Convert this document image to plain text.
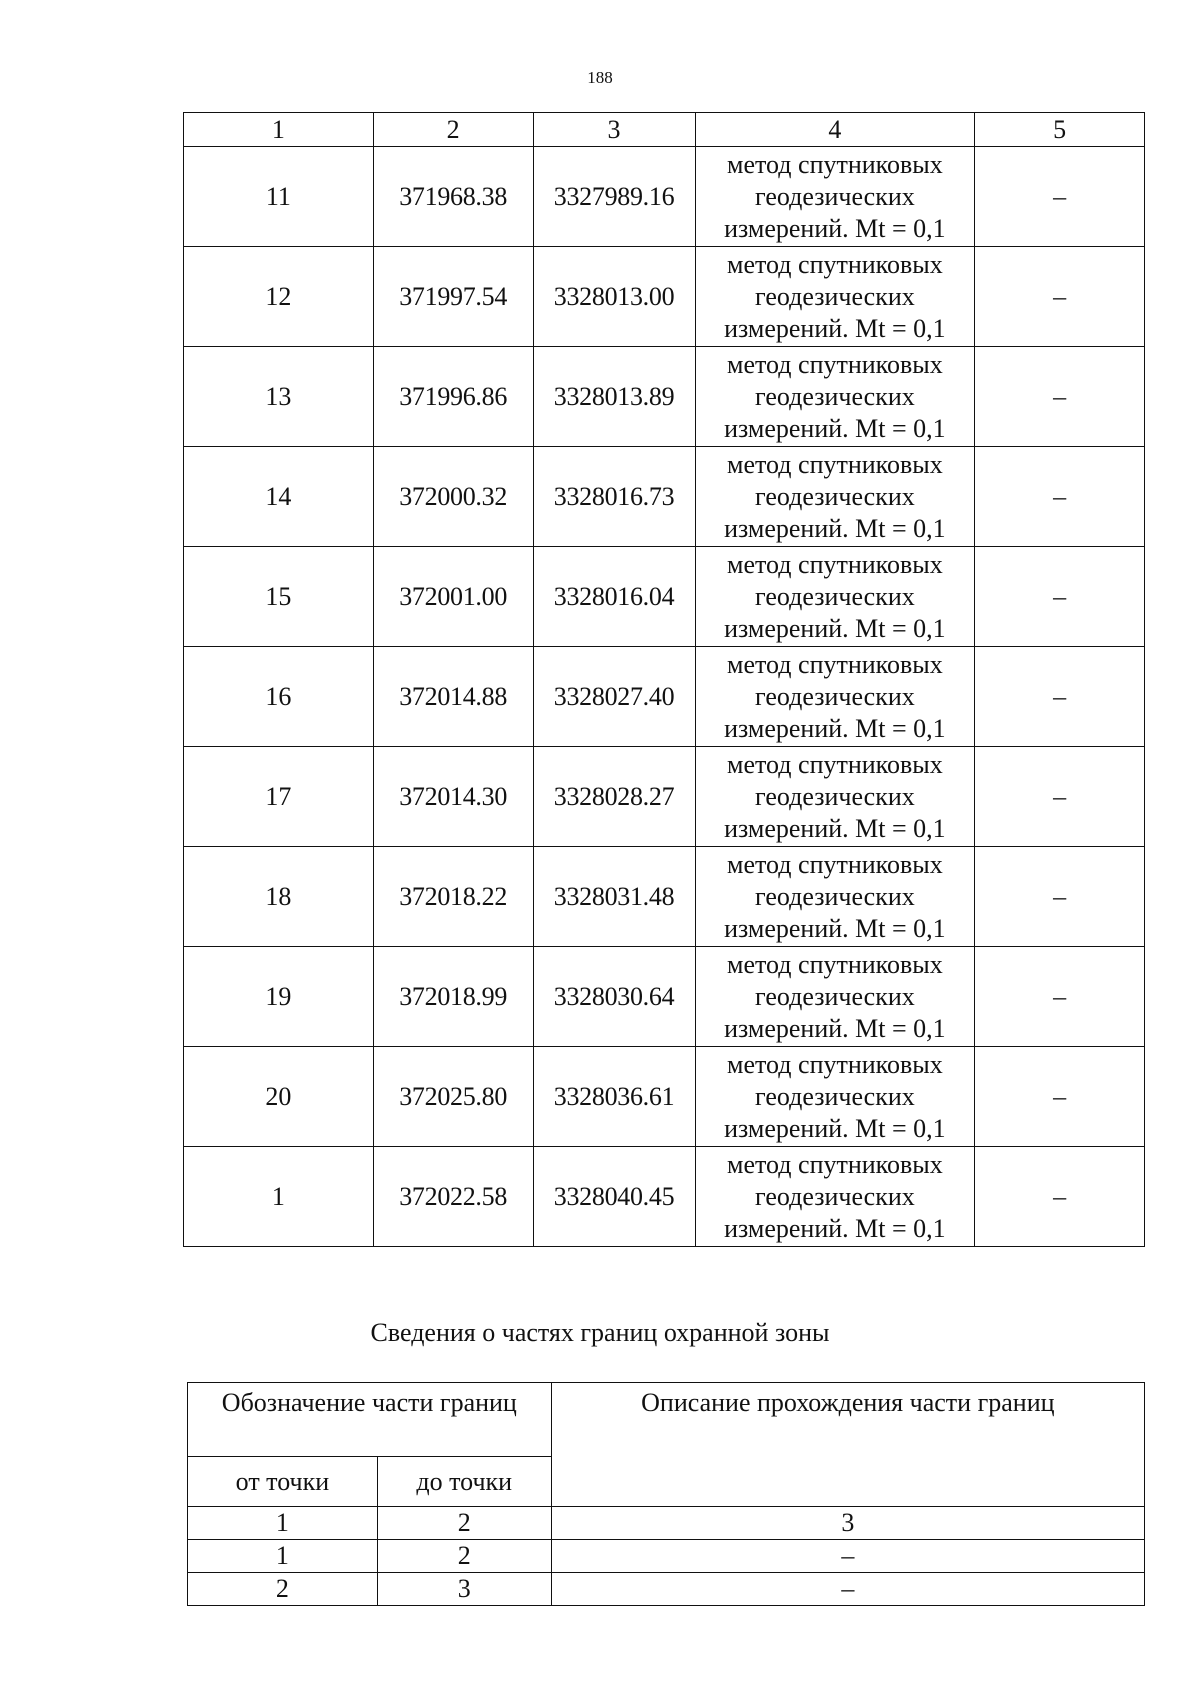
188
1	2	3	4	5
11	371968.38	3327989.16	метод спутниковых
геодезических
измерений. Mt = 0,1	–
12	371997.54	3328013.00	метод спутниковых
геодезических
измерений. Mt = 0,1	–
13	371996.86	3328013.89	метод спутниковых
геодезических
измерений. Mt = 0,1	–
14	372000.32	3328016.73	метод спутниковых
геодезических
измерений. Mt = 0,1	–
15	372001.00	3328016.04	метод спутниковых
геодезических
измерений. Mt = 0,1	–
16	372014.88	3328027.40	метод спутниковых
геодезических
измерений. Mt = 0,1	–
17	372014.30	3328028.27	метод спутниковых
геодезических
измерений. Mt = 0,1	–
18	372018.22	3328031.48	метод спутниковых
геодезических
измерений. Mt = 0,1	–
19	372018.99	3328030.64	метод спутниковых
геодезических
измерений. Mt = 0,1	–
20	372025.80	3328036.61	метод спутниковых
геодезических
измерений. Mt = 0,1	–
1	372022.58	3328040.45	метод спутниковых
геодезических
измерений. Mt = 0,1	–
Сведения о частях границ охранной зоны
Обозначение части границ		Описание прохождения части границ
от точки	до точки	
1	2	3
1	2	–
2	3	–
